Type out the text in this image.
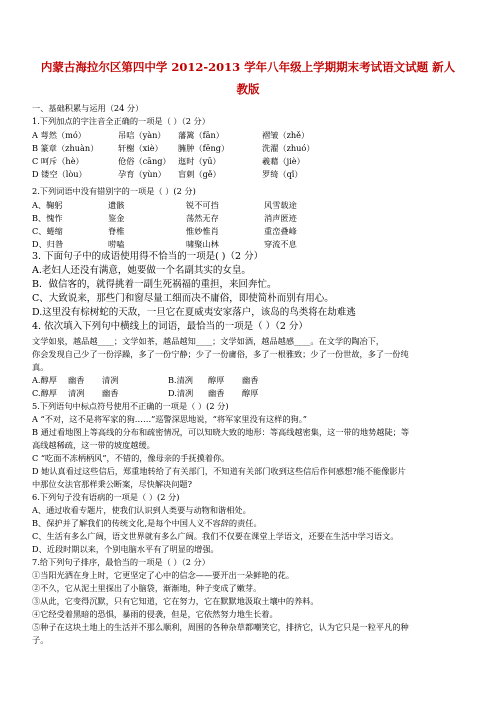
内蒙古海拉尔区第四中学 2012-2013 学年八年级上学期期末考试语文试题 新人
教版
一、基础积累与运用（24 分）
1.下列加点的字注音全正确的一项是（ ）（2 分）
A 萼然（mó）	吊唁（yàn）	藩篱（fān）	褶皱（zhě）
B 篆章（zhuàn）	轩榭（xiè）	臃肿（fēng）	洗濯（zhuó）
C 呵斥（hè）	伧俗（cāng） 迤时（yū）	羲藉（jiè）
D 镂空（lòu）	孕育（yùn）	盲刺（gě）	罗绮（qǐ）
2.下列词语中没有错别字的一项是（ ）(2 分)
A、鞠躬	遗骸	锐不可挡	风雪载途
B、愧怍	鉴金	荡然无存	消声匿迹
C、蜷缩	脊椎	惟妙惟肖	重峦叠峰
D、归昝	唠嗑	啸聚山林	穿流不息
3. 下面句子中的成语使用得不恰当的一项是( )（2 分）
A.老妇人还没有满意，她要做一个名副其实的女皇。
B．做信客的，就得挑着一副生死祸福的重担，来回奔忙。
C、大致说来，那些门和窗尽量工细而决不庸俗，即使简朴而别有用心。
D.这里没有棕树蛇的天敌，一旦它在夏威夷安家落户，该岛的鸟类将在劫难逃
4. 依次填入下列句中横线上的词语，最恰当的一项是（ ）（2 分）
文学如泉，越品越____；文学如茶，越品越知____；文学如酒，越品越感____。在文学的陶冶下，
你会发现自己少了一份浮躁，多了一份宁静；少了一份庸俗，多了一根雅致；少了一份世故，多了一份纯
真。
A.醇厚	幽香	清冽	B.清冽	醇厚	幽香
C.醇厚	清冽	幽香	D.清冽	幽香	醇厚
5.下列语句中标点符号使用不正确的一项是（ ）(2 分)
A “不对，这不是将军家的狗……”巡警深思地说，“将军家里没有这样的狗。”
B 通过看地图上等高线的分布和疏密情况，可以知晓大致的地形：等高线越密集，这一带的地势越陡；等
高线越稀疏，这一带的坡度越缓。
C “吃面不冻柄柄风”，不错的，像母亲的手抚摸着你。
D 她认真看过这些信后，郑重地转给了有关部门，不知道有关部门收到这些信后作何感想?能不能像影片
中那位女法官那样秉公断案，尽快解决问题?
6.下列句子没有语病的一项是（ ）(2 分)
A、通过收看专题片，使我们认识到人类要与动物和谐相处。
B、保护并了解我们的传统文化,是每个中国人义不容辞的责任。
C、生活有多么广阔，语文世界就有多么广阔。我们不仅要在课堂上学语文，还要在生活中学习语文。
D、近段时期以来，个别电脑水平有了明显的增强。
7.给下列句子排序，最恰当的一项是（ ）（2 分）
①当阳光洒在身上时，它更坚定了心中的信念——要开出一朵鲜艳的花。
②不久，它从泥土里探出了小脑袋，渐渐地，种子变成了嫩芽。
③从此，它变得沉默，只有它知道，它在努力，它在默默地汲取土壤中的养料。
④它经受着黑暗的恐惧，暴雨的侵袭，但是，它依然努力地生长着。
⑤种子在这块土地上的生活并不那么顺利，周围的各种杂草都嘲笑它，排挤它，认为它只是一粒平凡的种
子。
